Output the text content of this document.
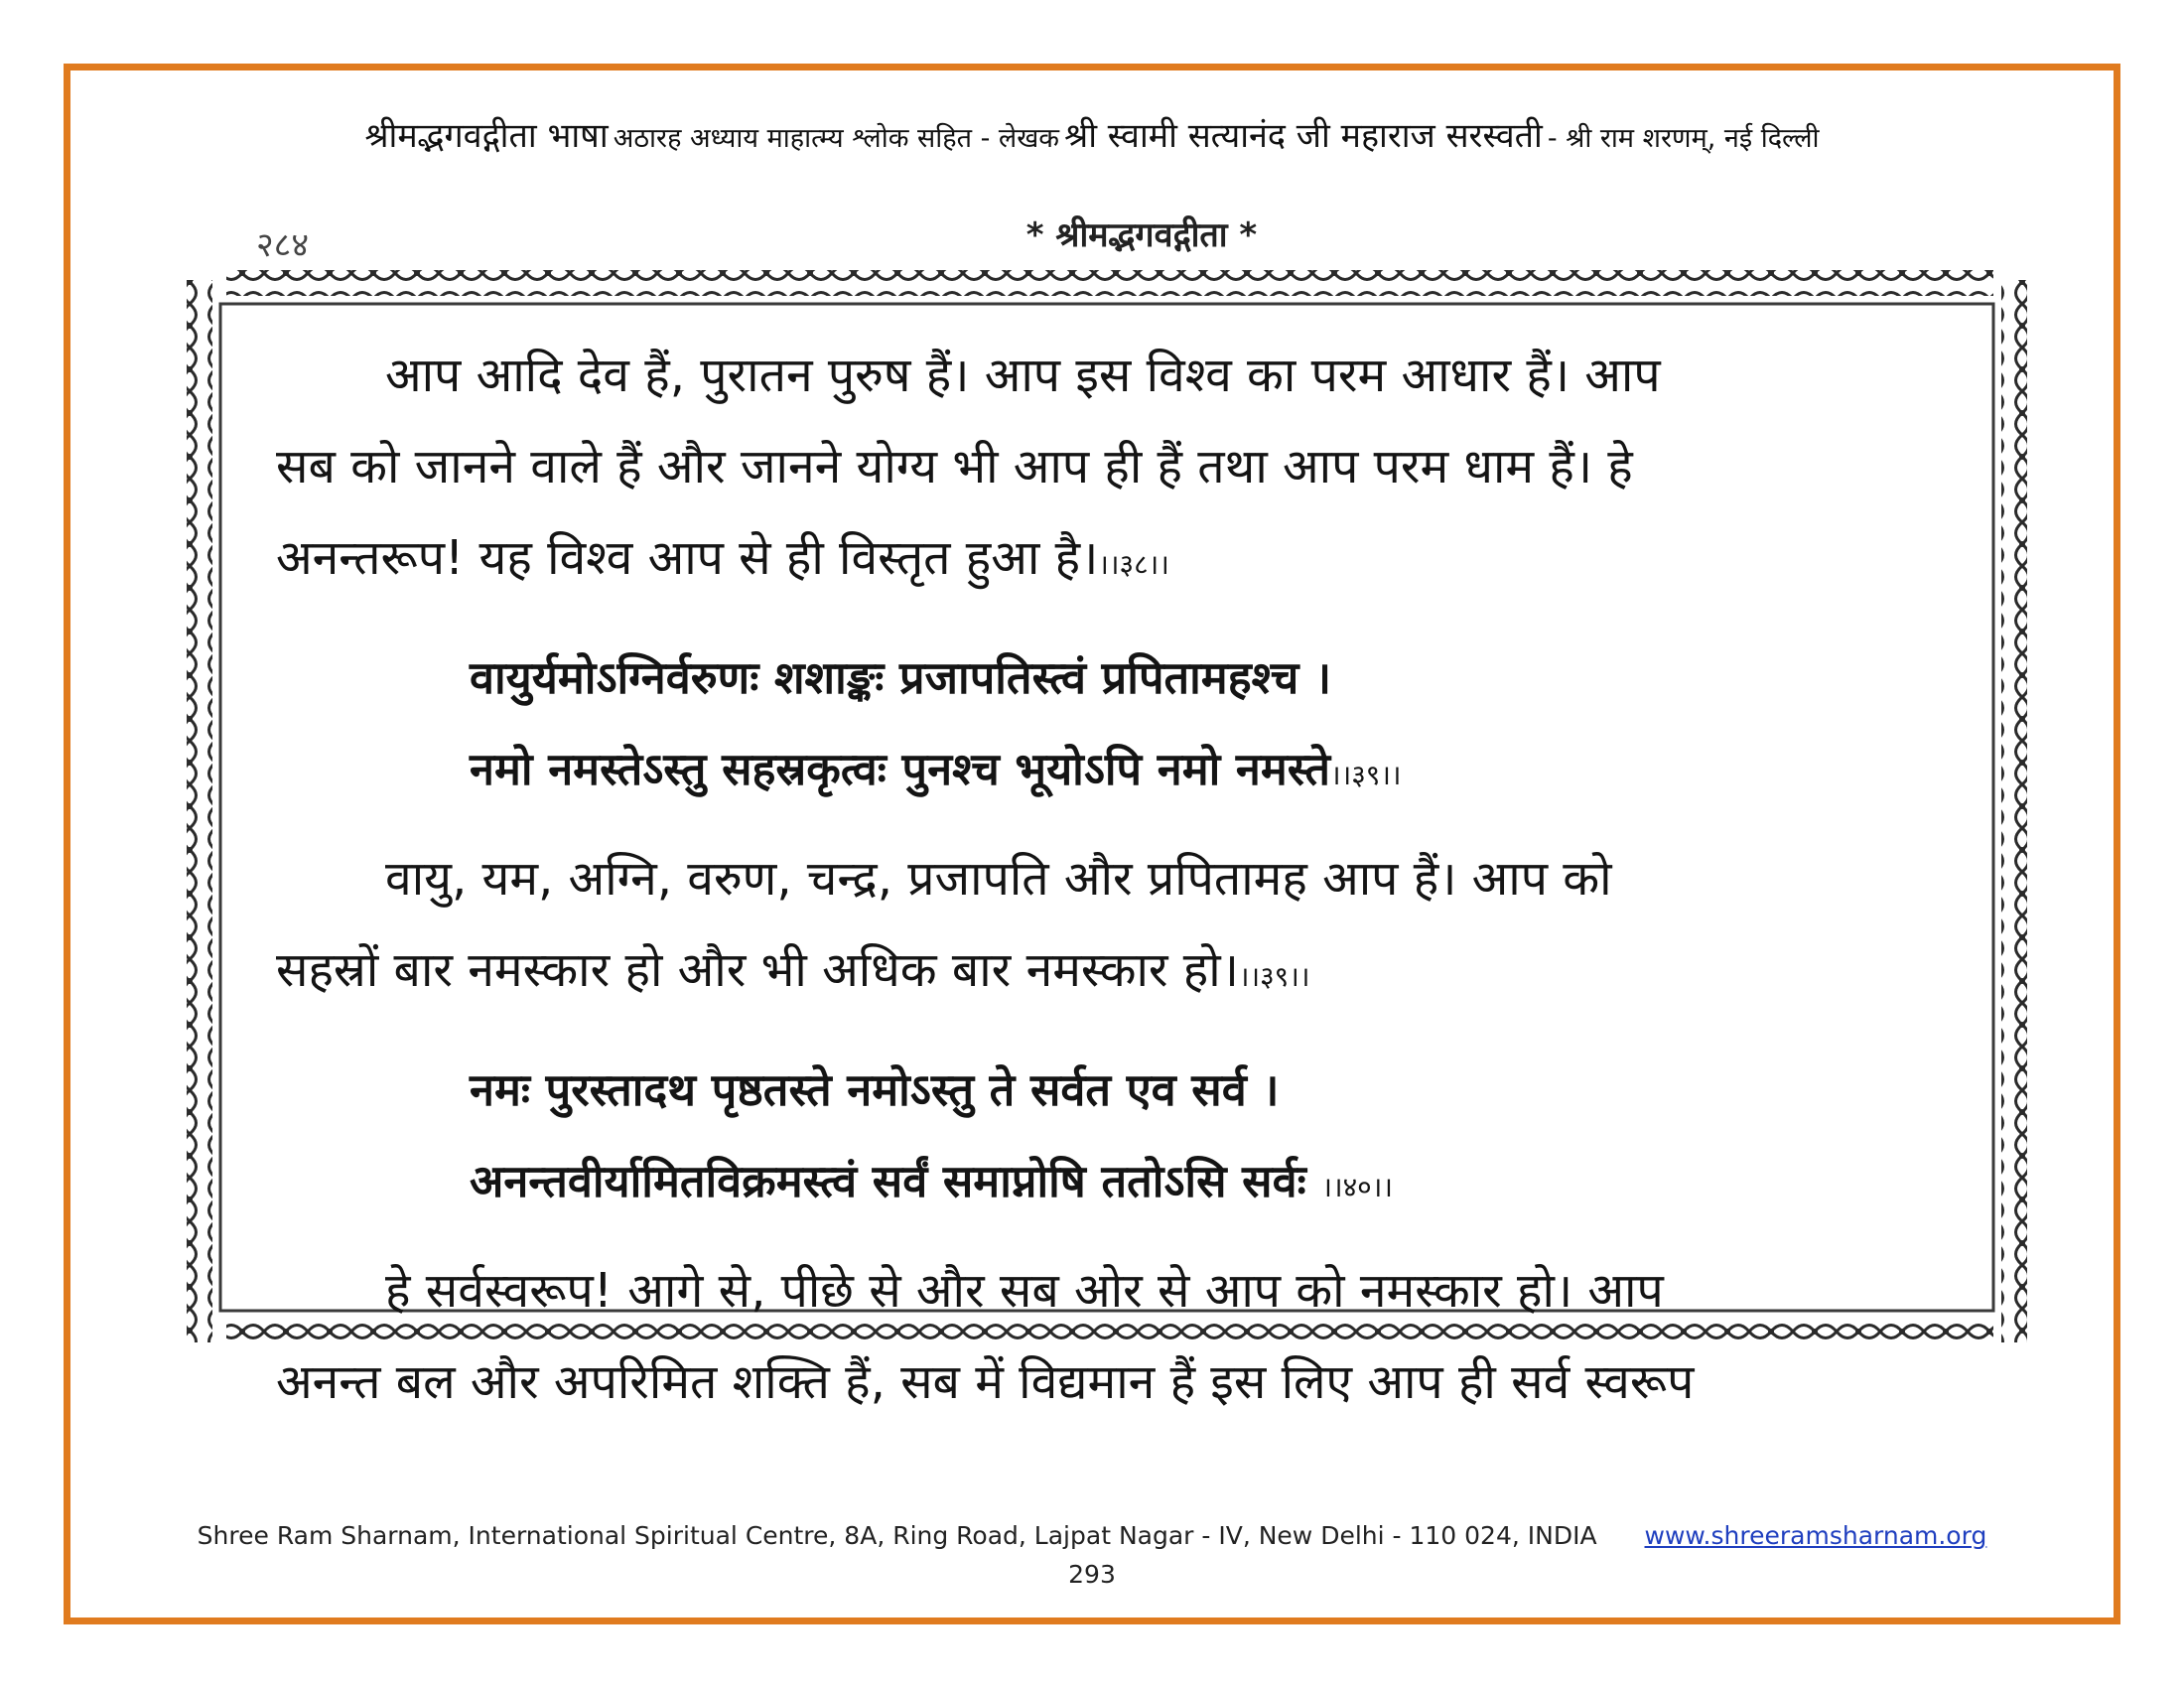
श्रीमद्भगवद्गीता भाषा अठारह अध्याय माहात्म्य श्लोक सहित - लेखक श्री स्वामी सत्यानंद जी महाराज सरस्वती - श्री राम शरणम्, नई दिल्ली
२८४	* श्रीमद्भगवद्गीता *
आप आदि देव हैं, पुरातन पुरुष हैं। आप इस विश्व का परम आधार हैं। आप
सब को जानने वाले हैं और जानने योग्य भी आप ही हैं तथा आप परम धाम हैं। हे
अनन्तरूप! यह विश्व आप से ही विस्तृत हुआ है।।।३८।।
वायुर्यमोऽग्निर्वरुणः शशाङ्कः प्रजापतिस्त्वं प्रपितामहश्च ।
नमो नमस्तेऽस्तु सहस्रकृत्वः पुनश्च भूयोऽपि नमो नमस्ते।।३९।।
वायु, यम, अग्नि, वरुण, चन्द्र, प्रजापति और प्रपितामह आप हैं। आप को
सहस्रों बार नमस्कार हो और भी अधिक बार नमस्कार हो।।।३९।।
नमः पुरस्तादथ पृष्ठतस्ते नमोऽस्तु ते सर्वत एव सर्व ।
अनन्तवीर्यामितविक्रमस्त्वं सर्वं समाप्नोषि ततोऽसि सर्वः ।।४०।।
हे सर्वस्वरूप! आगे से, पीछे से और सब ओर से आप को नमस्कार हो। आप
अनन्त बल और अपरिमित शक्ति हैं, सब में विद्यमान हैं इस लिए आप ही सर्व स्वरूप
Shree Ram Sharnam, International Spiritual Centre, 8A, Ring Road, Lajpat Nagar - IV, New Delhi - 110 024, INDIA www.shreeramsharnam.org
293
